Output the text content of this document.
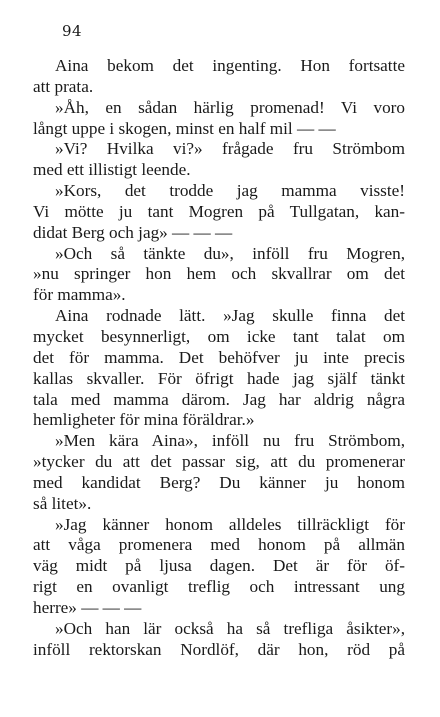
94
Aina bekom det ingenting. Hon fortsatte
att prata.
»Åh, en sådan härlig promenad! Vi voro
långt uppe i skogen, minst en half mil — —
»Vi? Hvilka vi?» frågade fru Strömbom
med ett illistigt leende.
»Kors, det trodde jag mamma visste!
Vi mötte ju tant Mogren på Tullgatan, kan-
didat Berg och jag» — — —
»Och så tänkte du», inföll fru Mogren,
»nu springer hon hem och skvallrar om det
för mamma».
Aina rodnade lätt. »Jag skulle finna det
mycket besynnerligt, om icke tant talat om
det för mamma. Det behöfver ju inte precis
kallas skvaller. För öfrigt hade jag själf tänkt
tala med mamma därom. Jag har aldrig några
hemligheter för mina föräldrar.»
»Men kära Aina», inföll nu fru Strömbom,
»tycker du att det passar sig, att du promenerar
med kandidat Berg? Du känner ju honom
så litet».
»Jag känner honom alldeles tillräckligt för
att våga promenera med honom på allmän
väg midt på ljusa dagen. Det är för öf-
rigt en ovanligt treflig och intressant ung
herre» — — —
»Och han lär också ha så trefliga åsikter»,
inföll rektorskan Nordlöf, där hon, röd på
